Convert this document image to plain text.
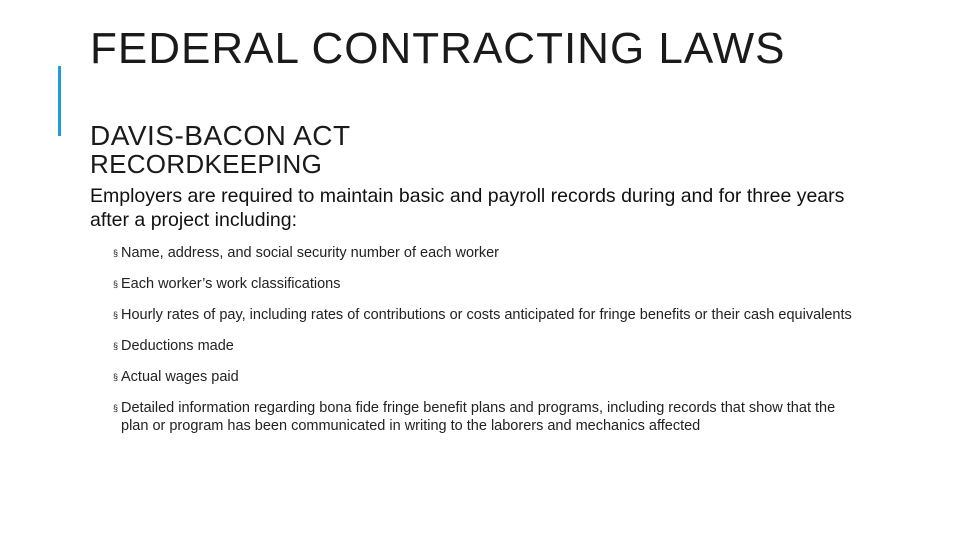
FEDERAL CONTRACTING LAWS
DAVIS-BACON ACT
RECORDKEEPING

Employers are required to maintain basic and payroll records during and for three years after a project including:

§ Name, address, and social security number of each worker
§ Each worker’s work classifications
§ Hourly rates of pay, including rates of contributions or costs anticipated for fringe benefits or their cash equivalents
§ Deductions made
§ Actual wages paid
§ Detailed information regarding bona fide fringe benefit plans and programs, including records that show that the plan or program has been communicated in writing to the laborers and mechanics affected
